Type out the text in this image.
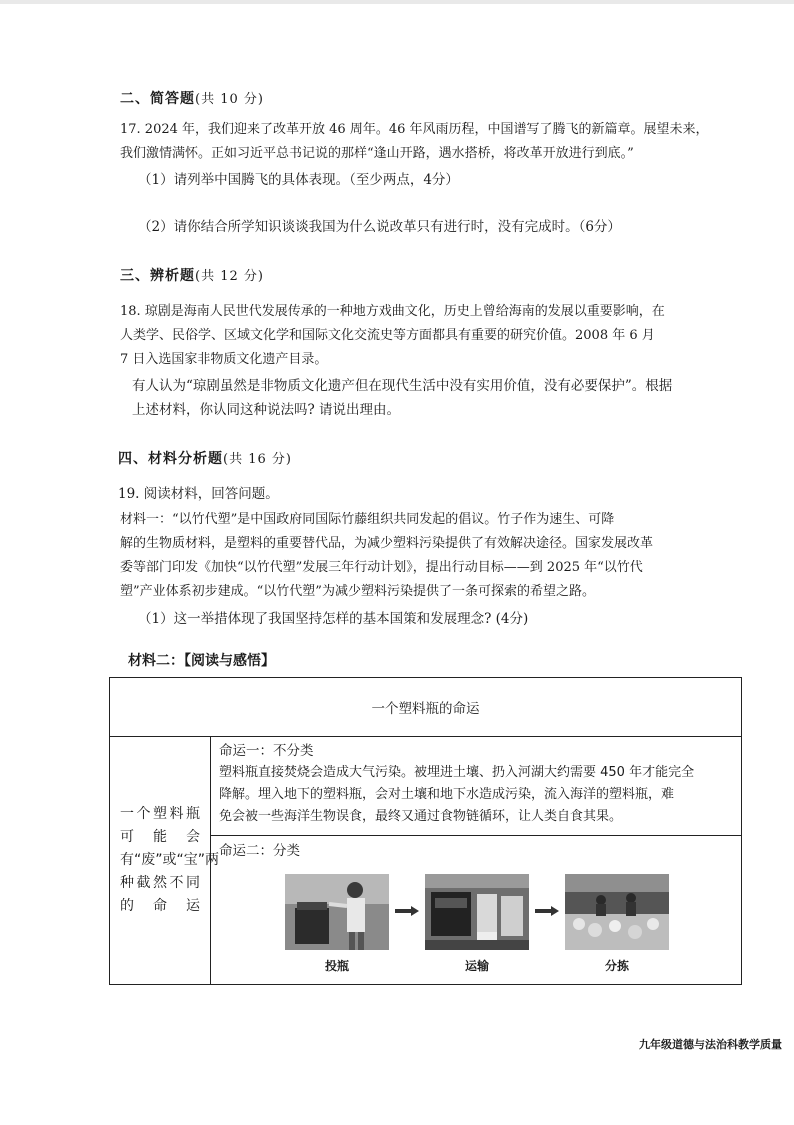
二、简答题(共 10 分)
17. 2024 年，我们迎来了改革开放 46 周年。46 年风雨历程，中国谱写了腾飞的新篇章。展望未来，
我们激情满怀。正如习近平总书记说的那样“逢山开路，遇水搭桥，将改革开放进行到底。”
（1）请列举中国腾飞的具体表现。（至少两点，4分）
（2）请你结合所学知识谈谈我国为什么说改革只有进行时，没有完成时。（6分）
三、辨析题(共 12 分)
18. 琼剧是海南人民世代发展传承的一种地方戏曲文化，历史上曾给海南的发展以重要影响，在
人类学、民俗学、区域文化学和国际文化交流史等方面都具有重要的研究价值。2008 年 6 月
7 日入选国家非物质文化遗产目录。
有人认为“琼剧虽然是非物质文化遗产但在现代生活中没有实用价值，没有必要保护”。根据
上述材料，你认同这种说法吗? 请说出理由。
四、材料分析题(共 16 分)
19. 阅读材料，回答问题。
材料一：“以竹代塑”是中国政府同国际竹藤组织共同发起的倡议。竹子作为速生、可降
解的生物质材料，是塑料的重要替代品，为减少塑料污染提供了有效解决途径。国家发展改革
委等部门印发《加快“以竹代塑”发展三年行动计划》，提出行动目标——到 2025 年“以竹代
塑”产业体系初步建成。“以竹代塑”为减少塑料污染提供了一条可探索的希望之路。
（1）这一举措体现了我国坚持怎样的基本国策和发展理念? (4分)
材料二：【阅读与感悟】
一个塑料瓶的命运
一个塑料瓶可能会有“废”或“宝”两种截然不同的命运
命运一：不分类
塑料瓶直接焚烧会造成大气污染。被埋进土壤、扔入河湖大约需要 450 年才能完全
降解。埋入地下的塑料瓶，会对土壤和地下水造成污染，流入海洋的塑料瓶，难
免会被一些海洋生物误食，最终又通过食物链循环，让人类自食其果。
命运二：分类
投瓶	运输	分拣
九年级道德与法治科教学质量
